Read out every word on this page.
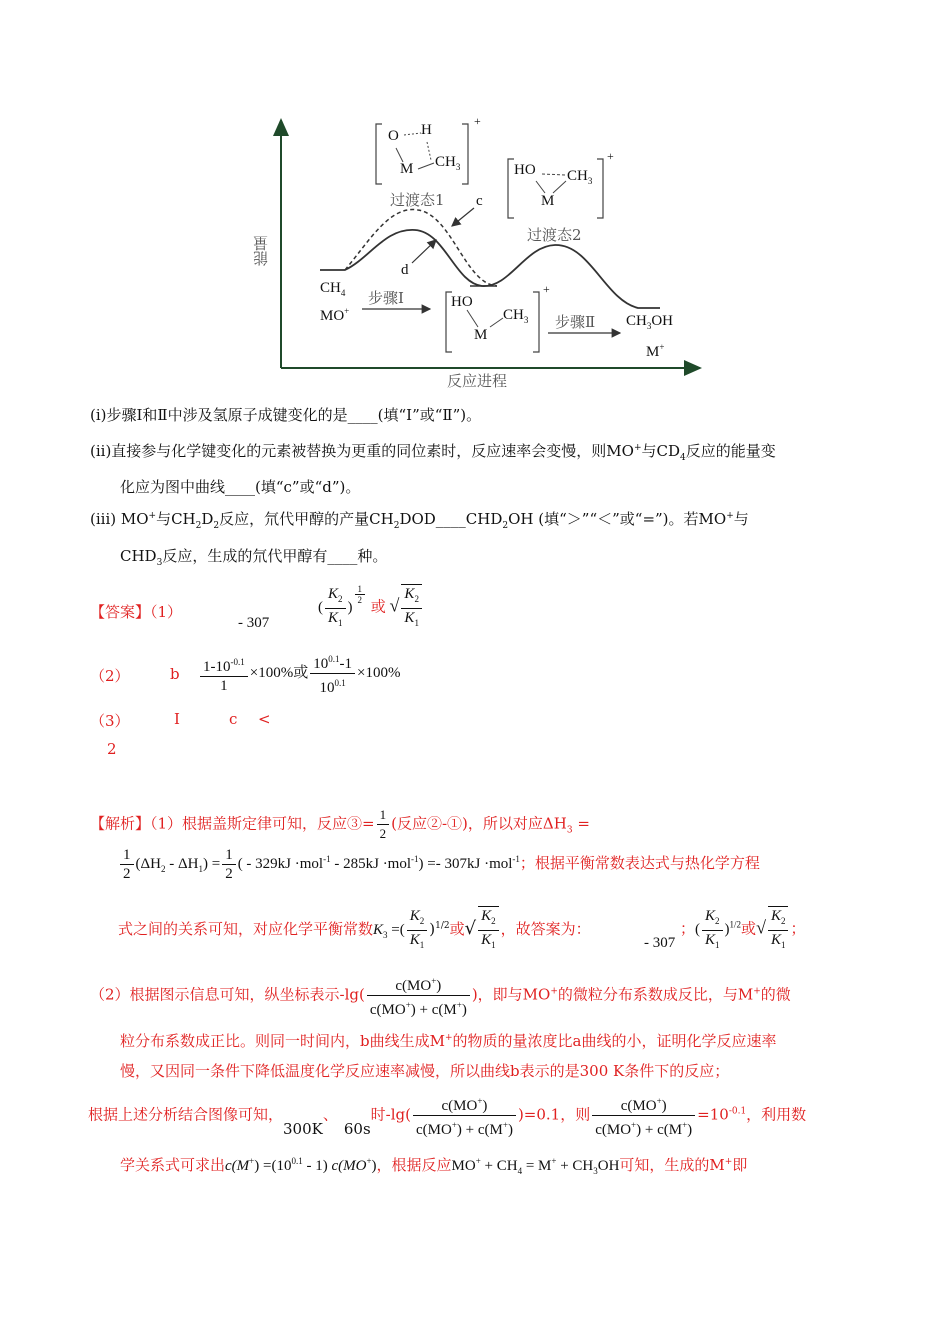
能量
反应进程
过渡态1
过渡态2
c
d
步骤Ⅰ
步骤Ⅱ
$CH_4$
MO+
$CH_3OH$
M+
O H
M $CH_3$
+
HO $CH_3$
M
+
HO
M
$CH_3$
+
(i)步骤Ⅰ和Ⅱ中涉及氢原子成键变化的是____(填“Ⅰ”或“Ⅱ”)。
(ii)直接参与化学键变化的元素被替换为更重的同位素时，反应速率会变慢，则MO+与$CD_4$反应的能量变
化应为图中曲线____(填“c”或“d”)。
(iii) MO+与$CH_2D_2$反应，氘代甲醇的产量$CH_2DOD\_\_\_\_CHD_2OH$ (填“＞”“＜”或“=”)。若MO+与
$CHD_3$反应，生成的氘代甲醇有____种。
【答案】（1）
- 307
( $\frac{K_2}{K_1}$ )
$^{\frac{1}{2}}$
或 √ $\frac{K_2}{K_1}$
（2）	b $\frac{1-10^{-0.1}}{1} \times 100\%$或 $\frac{10^{0.1}-1}{10^{0.1}} \times 100\%$
（3）	Ⅰ	c <
2
【解析】（1）根据盖斯定律可知，反应③= $\frac{1}{2}$ (反应②-①)，所以对应$\Delta H_3$ =
$\frac{1}{2} (\Delta H_2 - \Delta H_1) = \frac{1}{2}$ ( - 329kJ ·mol$^{-1}$ - 285kJ ·mol$^{-1}$) =- 307kJ ·mol$^{-1}$；根据平衡常数表达式与热化学方程
式之间的关系可知，对应化学平衡常数$K_3$ =( $\frac{K_2}{K_1} )^{1/2}$或√ $\frac{K_2}{K_1}$ ，故答案为：
- 307
；( $\frac{K_2}{K_1} )^{1/2}$或√ $\frac{K_2}{K_1}$ ；
（2）根据图示信息可知，纵坐标表示$-\lg( \frac{c(MO^+)}{c(MO^+) + c(M^+)}$ )，即与MO+的微粒分布系数成反比，与M+的微
粒分布系数成正比。则同一时间内，b曲线生成M+的物质的量浓度比a曲线的小，证明化学反应速率
慢，又因同一条件下降低温度化学反应速率减慢，所以曲线b表示的是300 K条件下的反应；
根据上述分析结合图像可知，300K、60s时$-\lg( \frac{c(MO^+)}{c(MO^+) + c(M^+)} )=0.1$，则 $\frac{c(MO^+)}{c(MO^+) + c(M^+)} =10^{-0.1}$，利用数
学关系式可求出$c(M^+) =(10^{0.1} - 1)$ c(MO+)，根据反应$MO^+ + CH_4 = M^+ + CH_3OH$可知，生成的M+即
